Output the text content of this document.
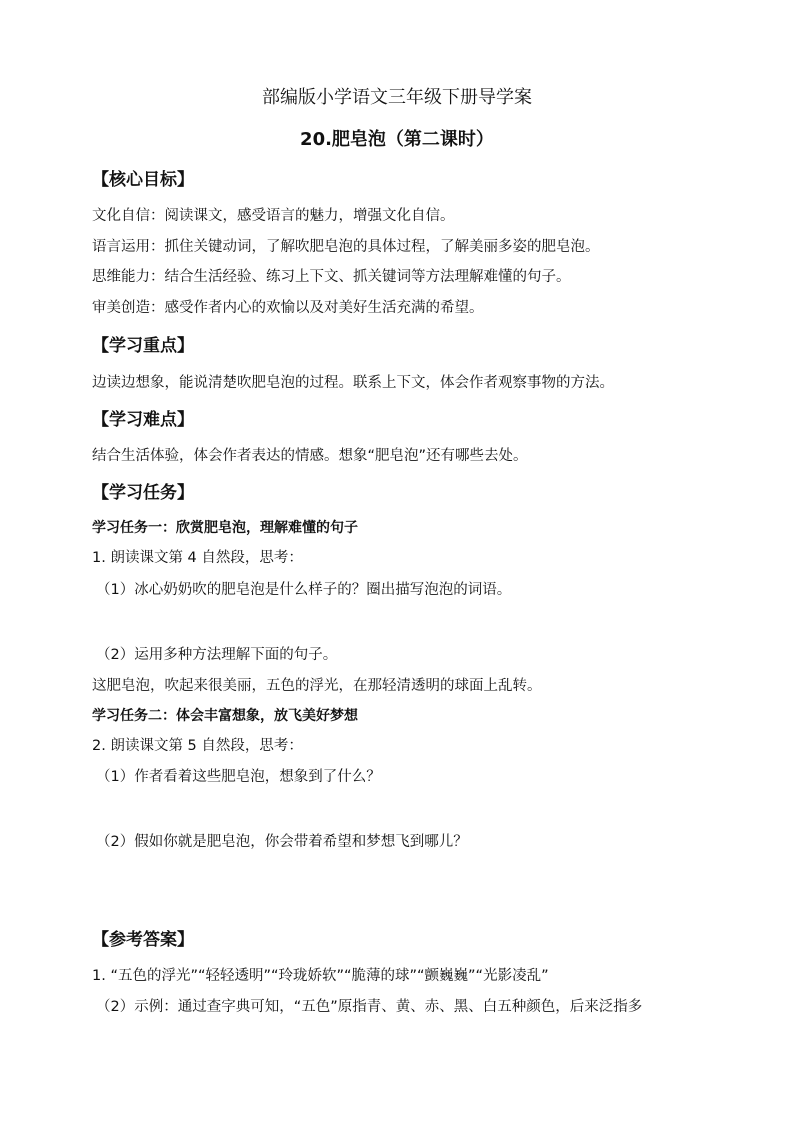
部编版小学语文三年级下册导学案
20.肥皂泡（第二课时）
【核心目标】
文化自信：阅读课文，感受语言的魅力，增强文化自信。
语言运用：抓住关键动词，了解吹肥皂泡的具体过程，了解美丽多姿的肥皂泡。
思维能力：结合生活经验、练习上下文、抓关键词等方法理解难懂的句子。
审美创造：感受作者内心的欢愉以及对美好生活充满的希望。
【学习重点】
边读边想象，能说清楚吹肥皂泡的过程。联系上下文，体会作者观察事物的方法。
【学习难点】
结合生活体验，体会作者表达的情感。想象“肥皂泡”还有哪些去处。
【学习任务】
学习任务一：欣赏肥皂泡，理解难懂的句子
1. 朗读课文第 4 自然段，思考：
（1）冰心奶奶吹的肥皂泡是什么样子的？圈出描写泡泡的词语。
（2）运用多种方法理解下面的句子。
这肥皂泡，吹起来很美丽，五色的浮光，在那轻清透明的球面上乱转。
学习任务二：体会丰富想象，放飞美好梦想
2. 朗读课文第 5 自然段，思考：
（1）作者看着这些肥皂泡，想象到了什么？
（2）假如你就是肥皂泡，你会带着希望和梦想飞到哪儿？
【参考答案】
1. “五色的浮光”“轻轻透明”“玲珑娇软”“脆薄的球”“颤巍巍”“光影凌乱”
（2）示例：通过查字典可知，“五色”原指青、黄、赤、黑、白五种颜色，后来泛指多
